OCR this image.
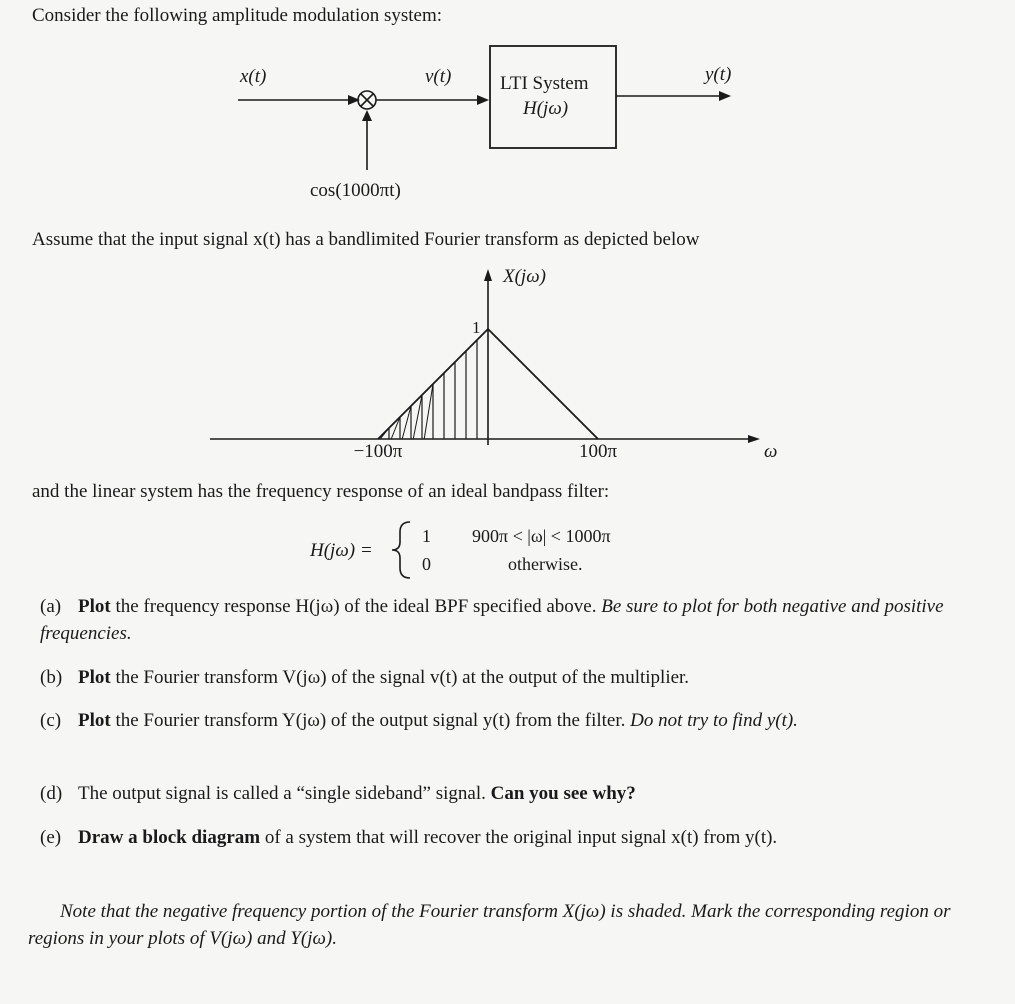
Consider the following amplitude modulation system:
x(t)
cos(1000πt)
v(t)	LTI System
H(jω)
y(t)
Assume that the input signal x(t) has a bandlimited Fourier transform as depicted below
X(jω)
ω
1
−100π	100π
and the linear system has the frequency response of an ideal bandpass filter:
H(jω) =
1
0
900π < |ω| < 1000π
otherwise.
(a) Plot the frequency response H(jω) of the ideal BPF specified above. Be sure to plot for both negative and positive frequencies.
(b) Plot the Fourier transform V(jω) of the signal v(t) at the output of the multiplier.
(c) Plot the Fourier transform Y(jω) of the output signal y(t) from the filter. Do not try to find y(t).
(d) The output signal is called a “single sideband” signal. Can you see why?
(e) Draw a block diagram of a system that will recover the original input signal x(t) from y(t).
Note that the negative frequency portion of the Fourier transform X(jω) is shaded. Mark the corresponding region or regions in your plots of V(jω) and Y(jω).
